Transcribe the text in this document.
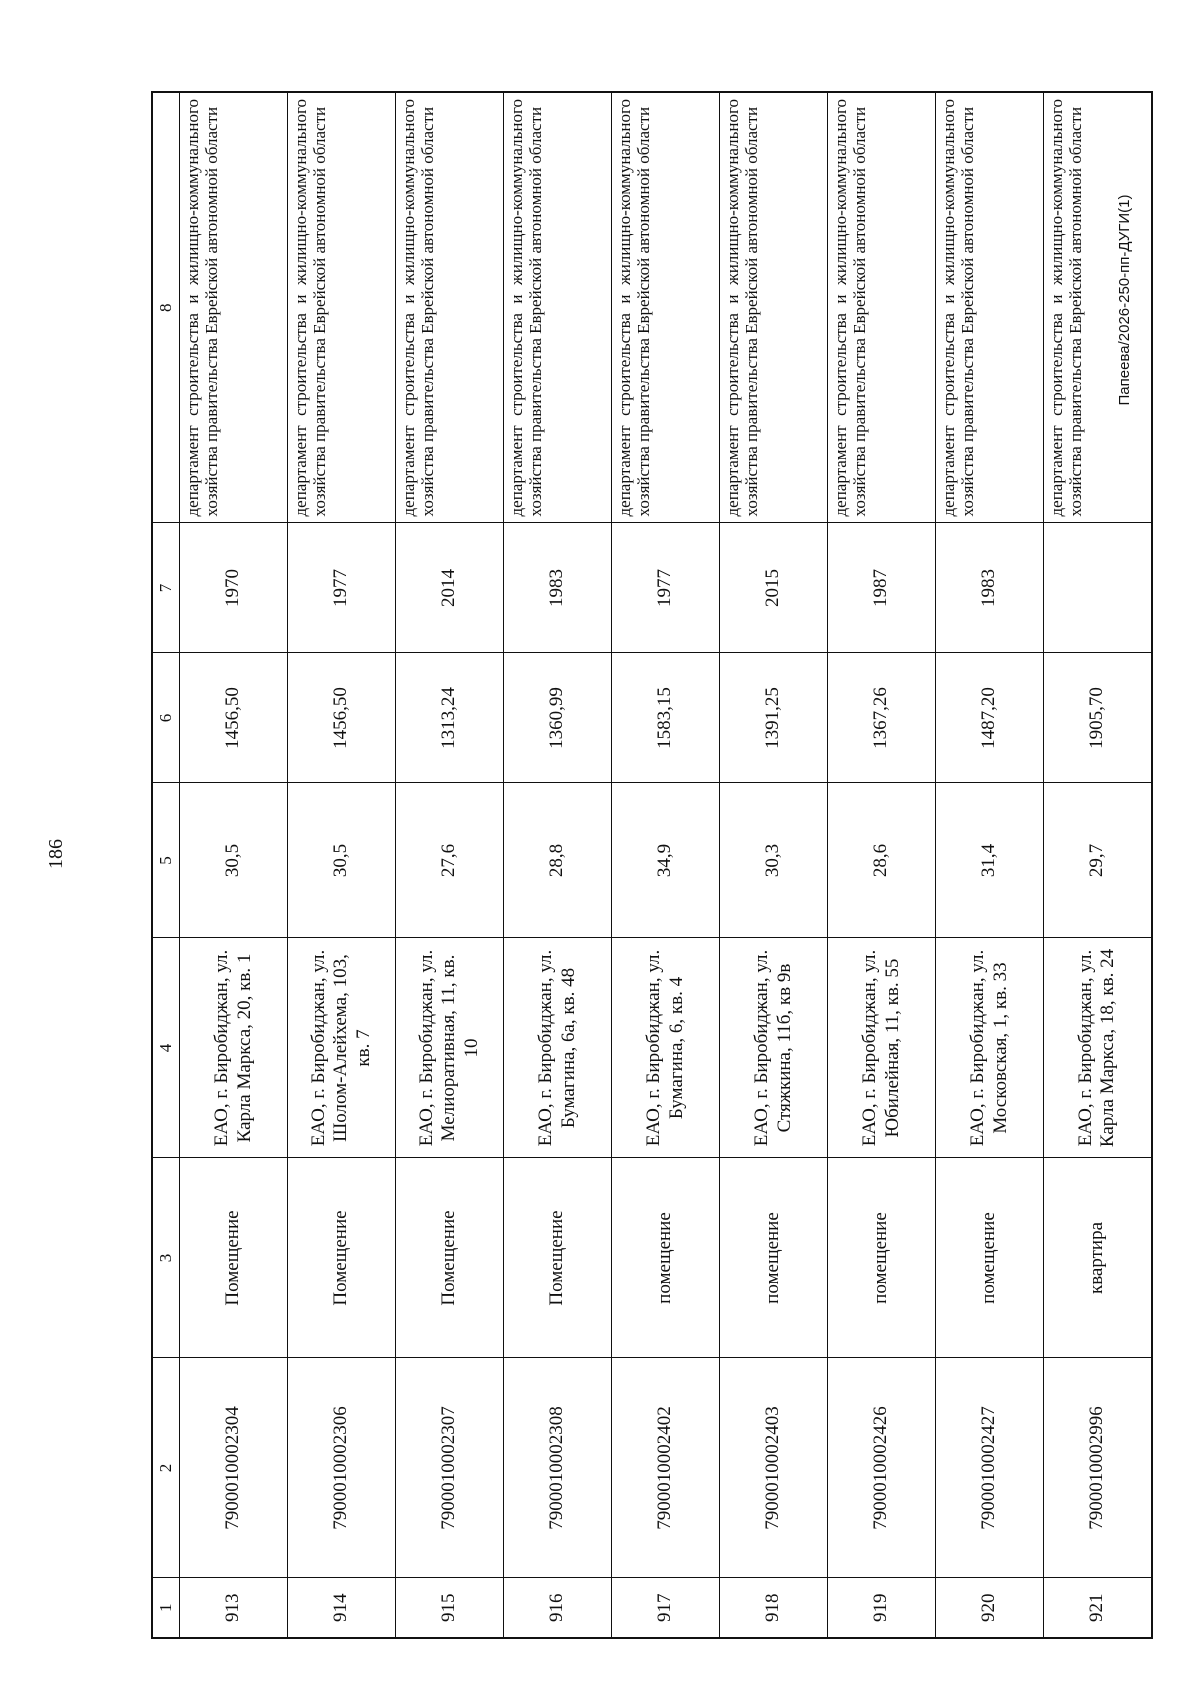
186
Папеева/2026-250-пп-ДУГИ(1)
1	2	3	4	5	6	7	8
913	7900010002304	Помещение	ЕАО, г. Биробиджан, ул. Карла Маркса, 20, кв. 1	30,5	1456,50	1970	департамент строительства и жилищно-коммунального хозяйства правительства Еврейской автономной области
914	7900010002306	Помещение	ЕАО, г. Биробиджан, ул. Шолом-Алейхема, 103, кв. 7	30,5	1456,50	1977	департамент строительства и жилищно-коммунального хозяйства правительства Еврейской автономной области
915	7900010002307	Помещение	ЕАО, г. Биробиджан, ул. Мелиоративная, 11, кв. 10	27,6	1313,24	2014	департамент строительства и жилищно-коммунального хозяйства правительства Еврейской автономной области
916	7900010002308	Помещение	ЕАО, г. Биробиджан, ул. Бумагина, 6а, кв. 48	28,8	1360,99	1983	департамент строительства и жилищно-коммунального хозяйства правительства Еврейской автономной области
917	7900010002402	помещение	ЕАО, г. Биробиджан, ул. Бумагина, 6, кв. 4	34,9	1583,15	1977	департамент строительства и жилищно-коммунального хозяйства правительства Еврейской автономной области
918	7900010002403	помещение	ЕАО, г. Биробиджан, ул. Стяжкина, 11б, кв 9в	30,3	1391,25	2015	департамент строительства и жилищно-коммунального хозяйства правительства Еврейской автономной области
919	7900010002426	помещение	ЕАО, г. Биробиджан, ул. Юбилейная, 11, кв. 55	28,6	1367,26	1987	департамент строительства и жилищно-коммунального хозяйства правительства Еврейской автономной области
920	7900010002427	помещение	ЕАО, г. Биробиджан, ул. Московская, 1, кв. 33	31,4	1487,20	1983	департамент строительства и жилищно-коммунального хозяйства правительства Еврейской автономной области
921	7900010002996	квартира	ЕАО, г. Биробиджан, ул. Карла Маркса, 18, кв. 24	29,7	1905,70		департамент строительства и жилищно-коммунального хозяйства правительства Еврейской автономной области
